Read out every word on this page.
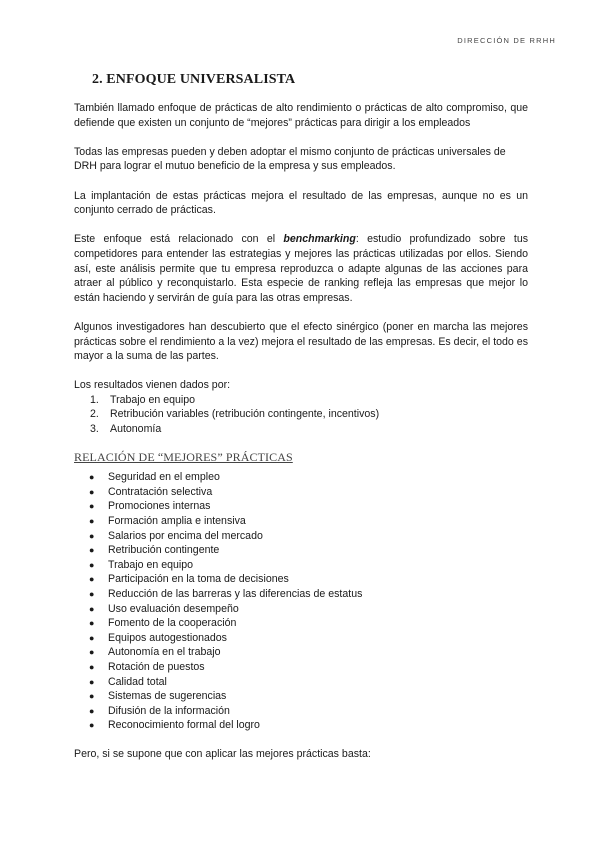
DIRECCIÓN DE RRHH
2. ENFOQUE UNIVERSALISTA

También llamado enfoque de prácticas de alto rendimiento o prácticas de alto compromiso, que defiende que existen un conjunto de “mejores” prácticas para dirigir a los empleados

Todas las empresas pueden y deben adoptar el mismo conjunto de prácticas universales de DRH para lograr el mutuo beneficio de la empresa y sus empleados.

La implantación de estas prácticas mejora el resultado de las empresas, aunque no es un conjunto cerrado de prácticas.

Este enfoque está relacionado con el benchmarking: estudio profundizado sobre tus competidores para entender las estrategias y mejores las prácticas utilizadas por ellos. Siendo así, este análisis permite que tu empresa reproduzca o adapte algunas de las acciones para atraer al público y reconquistarlo. Esta especie de ranking refleja las empresas que mejor lo están haciendo y servirán de guía para las otras empresas.

Algunos investigadores han descubierto que el efecto sinérgico (poner en marcha las mejores prácticas sobre el rendimiento a la vez) mejora el resultado de las empresas. Es decir, el todo es mayor a la suma de las partes.

Los resultados vienen dados por:
1. Trabajo en equipo
2. Retribución variables (retribución contingente, incentivos)
3. Autonomía
RELACIÓN DE “MEJORES” PRÁCTICAS
● Seguridad en el empleo
● Contratación selectiva
● Promociones internas
● Formación amplia e intensiva
● Salarios por encima del mercado
● Retribución contingente
● Trabajo en equipo
● Participación en la toma de decisiones
● Reducción de las barreras y las diferencias de estatus
● Uso evaluación desempeño
● Fomento de la cooperación
● Equipos autogestionados
● Autonomía en el trabajo
● Rotación de puestos
● Calidad total
● Sistemas de sugerencias
● Difusión de la información
● Reconocimiento formal del logro

Pero, si se supone que con aplicar las mejores prácticas basta:
